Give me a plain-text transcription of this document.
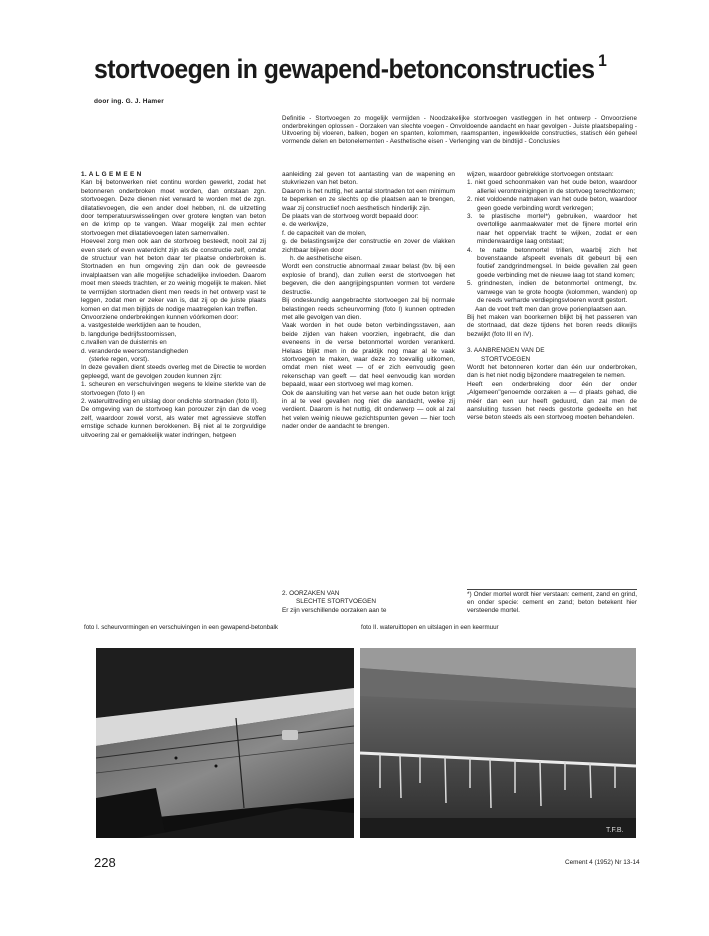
stortvoegen in gewapend-betonconstructies $^1$
door ing. G. J. Hamer
Definitie - Stortvoegen zo mogelijk vermijden - Noodzakelijke stortvoegen vastleggen in het ontwerp - Onvoorziene onderbrekingen oplossen - Oorzaken van slechte voegen - Onvoldoende aandacht en haar gevolgen - Juiste plaatsbepaling - Uitvoering bij vloeren, balken, bogen en spanten, kolommen, raamspanten, ingewikkelde constructies, statisch één geheel vormende delen en betonelementen - Aesthetische eisen - Verlenging van de bindtijd - Conclusies

1. A L G E M E E N

Kan bij betonwerken niet continu worden gewerkt, zodat het betonneren onderbroken moet worden, dan ontstaan zgn. stortvoegen. Deze dienen niet verward te worden met de zgn. dilatatievoegen, die een ander doel hebben, nl. de uitzetting door temperatuurswisselingen over grotere lengten van beton en de krimp op te vangen. Waar mogelijk zal men echter stortvoegen met dilatatievoegen laten samenvallen.

Hoeveel zorg men ook aan de stortvoeg besteedt, nooit zal zij even sterk of even waterdicht zijn als de constructie zelf, omdat de structuur van het beton daar ter plaatse onderbroken is. Stortnaden en hun omgeving zijn dan ook de gevreesde invalplaatsen van alle mogelijke schadelijke invloeden. Daarom moet men steeds trachten, er zo weinig mogelijk te maken. Niet te vermijden stortnaden dient men reeds in het ontwerp vast te leggen, zodat men er zeker van is, dat zij op de juiste plaats komen en dat men bijtijds de nodige maatregelen kan treffen.

Onvoorziene onderbrekingen kunnen vóórkomen door:

a. vastgestelde werktijden aan te houden,

b. langdurige bedrijfsstoornissen,

c.nvallen van de duisternis en

d. veranderde weersomstandigheden

(sterke regen, vorst).

In deze gevallen dient steeds overleg met de Directie te worden gepleegd, want de gevolgen zouden kunnen zijn:

1. scheuren en verschuivingen wegens te kleine sterkte van de stortvoegen (foto I) en

2. wateruittreding en uitslag door ondichte stortnaden (foto II).

De omgeving van de stortvoeg kan porouzer zijn dan de voeg zelf, waardoor zowel vorst, als water met agressieve stoffen ernstige schade kunnen berokkenen. Bij niet al te zorgvuldige uitvoering zal er gemakkelijk water indringen, hetgeen

aanleiding zal geven tot aantasting van de wapening en stukvriezen van het beton.

Daarom is het nuttig, het aantal stortnaden tot een minimum te beperken en ze slechts op die plaatsen aan te brengen, waar zij constructief noch aesthetisch hinderlijk zijn.

De plaats van de stortvoeg wordt bepaald door:

e. de werkwijze,

f. de capaciteit van de molen,

g. de belastingswijze der constructie en zover de vlakken zichtbaar blijven door

h. de aesthetische eisen.

Wordt een constructie abnormaal zwaar belast (bv. bij een explosie of brand), dan zullen eerst de stortvoegen het begeven, die den aangrijpingspunten vormen tot verdere destructie.

Bij ondeskundig aangebrachte stortvoegen zal bij normale belastingen reeds scheurvorming (foto I) kunnen optreden met alle gevolgen van dien.

Vaak worden in het oude beton verbindingsstaven, aan beide zijden van haken voorzien, ingebracht, die dan eveneens in de verse betonmortel worden verankerd. Helaas blijkt men in de praktijk nog maar al te vaak stortvoegen te maken, waar deze zo toevallig uitkomen, omdat men niet weet — of er zich eenvoudig geen rekenschap van geeft — dat heel eenvoudig kan worden bepaald, waar een stortvoeg wel mag komen.

Ook de aansluiting van het verse aan het oude beton krijgt in al te veel gevallen nog niet die aandacht, welke zij verdient. Daarom is het nuttig, dit onderwerp — ook al zal het velen weinig nieuwe gezichtspunten geven — hier toch nader onder de aandacht te brengen.

2. OORZAKEN VAN

SLECHTE STORTVOEGEN

Er zijn verschillende oorzaken aan te

wijzen, waardoor gebrekkige stortvoegen ontstaan:

1. niet goed schoonmaken van het oude beton, waardoor allerlei verontreinigingen in de stortvoeg terechtkomen;

2. niet voldoende natmaken van het oude beton, waardoor geen goede verbinding wordt verkregen;

3. te plastische mortel*) gebruiken, waardoor het overtollige aanmaakwater met de fijnere mortel erin naar het oppervlak tracht te wijken, zodat er een minderwaardige laag ontstaat;

4. te natte betonmortel trillen, waarbij zich het bovenstaande afspeelt evenals dit gebeurt bij een foutief zandgrindmengsel. In beide gevallen zal geen goede verbinding met de nieuwe laag tot stand komen;

5. grindnesten, indien de betonmortel ontmengt, bv. vanwege van te grote hoogte (kolommen, wanden) op de reeds verharde verdiepingsvloeren wordt gestort.

Aan de voet treft men dan grove porienplaatsen aan.

Bij het maken van boorkernen blijkt bij het passeren van de stortnaad, dat deze tijdens het boren reeds dikwijls bezwijkt (foto III en IV).

3. AANBRENGEN VAN DE

STORTVOEGEN

Wordt het betonneren korter dan één uur onderbroken, dan is het niet nodig bijzondere maatregelen te nemen.

Heeft een onderbreking door één der onder „Algemeen"genoemde oorzaken a — d plaats gehad, die méér dan een uur heeft geduurd, dan zal men de aansluiting tussen het reeds gestorte gedeelte en het verse beton steeds als een stortvoeg moeten behandelen.

*) Onder mortel wordt hier verstaan: cement, zand en grind, en onder specie: cement en zand; beton betekent hier versteende mortel.
foto I. scheurvormingen en verschuivingen in een gewapend-betonbalk	foto II. wateruittopen en uitslagen in een keermuur
T.F.B.
228	Cement 4 (1952) Nr 13-14
